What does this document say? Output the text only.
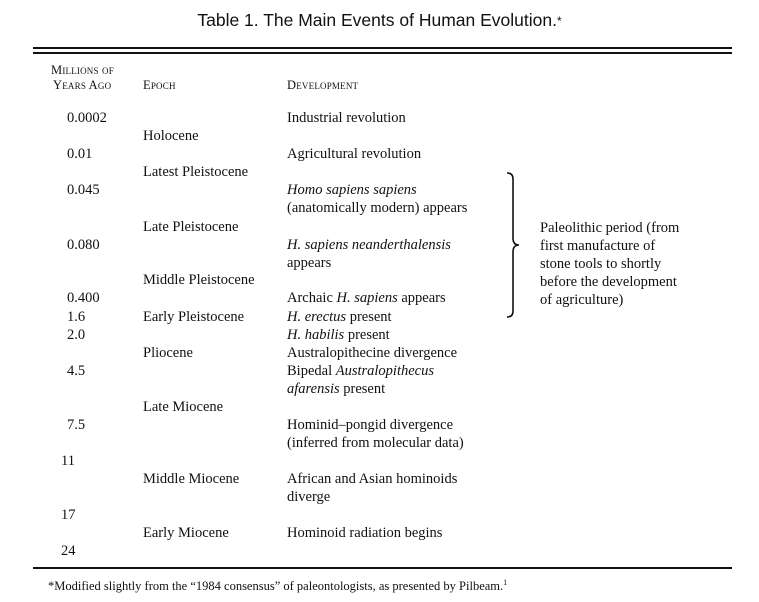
Table 1. The Main Events of Human Evolution.*
Millions of
Years Ago	Epoch	Development
0.0002
0.01
0.045
0.080
0.400
1.6
2.0
4.5
7.5
11
17
24
Holocene
Latest Pleistocene
Late Pleistocene
Middle Pleistocene
Early Pleistocene
Pliocene
Late Miocene
Middle Miocene
Early Miocene
Industrial revolution
Agricultural revolution
Homo sapiens sapiens
(anatomically modern) appears
H. sapiens neanderthalensis
appears
Archaic H. sapiens appears
H. erectus present
H. habilis present
Australopithecine divergence
Bipedal Australopithecus
afarensis present
Hominid–pongid divergence
(inferred from molecular data)
African and Asian hominoids
diverge
Hominoid radiation begins
Paleolithic period (from
first manufacture of
stone tools to shortly
before the development
of agriculture)
*Modified slightly from the “1984 consensus” of paleontologists, as presented by Pilbeam.$^1$
